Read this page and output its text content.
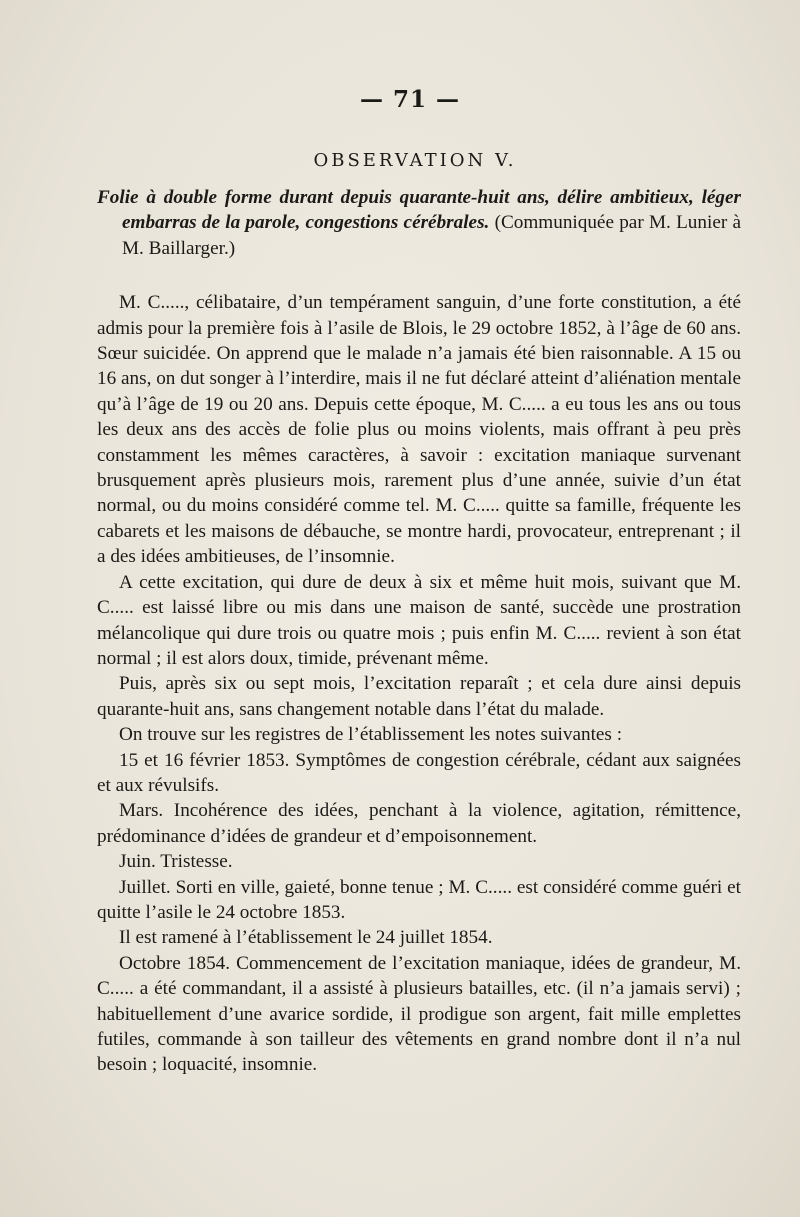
— 71 —
OBSERVATION V.

Folie à double forme durant depuis quarante-huit ans, délire ambitieux, léger embarras de la parole, congestions cérébrales. (Communiquée par M. Lunier à M. Baillarger.)

M. C....., célibataire, d’un tempérament sanguin, d’une forte constitution, a été admis pour la première fois à l’asile de Blois, le 29 octobre 1852, à l’âge de 60 ans. Sœur suicidée. On apprend que le malade n’a jamais été bien raisonnable. A 15 ou 16 ans, on dut songer à l’interdire, mais il ne fut déclaré atteint d’aliénation mentale qu’à l’âge de 19 ou 20 ans. Depuis cette époque, M. C..... a eu tous les ans ou tous les deux ans des accès de folie plus ou moins violents, mais offrant à peu près constamment les mêmes caractères, à savoir : excitation maniaque survenant brusquement après plusieurs mois, rarement plus d’une année, suivie d’un état normal, ou du moins considéré comme tel. M. C..... quitte sa famille, fréquente les cabarets et les maisons de débauche, se montre hardi, provocateur, entreprenant ; il a des idées ambitieuses, de l’insomnie.

A cette excitation, qui dure de deux à six et même huit mois, suivant que M. C..... est laissé libre ou mis dans une maison de santé, succède une prostration mélancolique qui dure trois ou quatre mois ; puis enfin M. C..... revient à son état normal ; il est alors doux, timide, prévenant même.

Puis, après six ou sept mois, l’excitation reparaît ; et cela dure ainsi depuis quarante-huit ans, sans changement notable dans l’état du malade.

On trouve sur les registres de l’établissement les notes suivantes :

15 et 16 février 1853. Symptômes de congestion cérébrale, cédant aux saignées et aux révulsifs.

Mars. Incohérence des idées, penchant à la violence, agitation, rémittence, prédominance d’idées de grandeur et d’empoisonnement.

Juin. Tristesse.

Juillet. Sorti en ville, gaieté, bonne tenue ; M. C..... est considéré comme guéri et quitte l’asile le 24 octobre 1853.

Il est ramené à l’établissement le 24 juillet 1854.

Octobre 1854. Commencement de l’excitation maniaque, idées de grandeur, M. C..... a été commandant, il a assisté à plusieurs batailles, etc. (il n’a jamais servi) ; habituellement d’une avarice sordide, il prodigue son argent, fait mille emplettes futiles, commande à son tailleur des vêtements en grand nombre dont il n’a nul besoin ; loquacité, insomnie.
